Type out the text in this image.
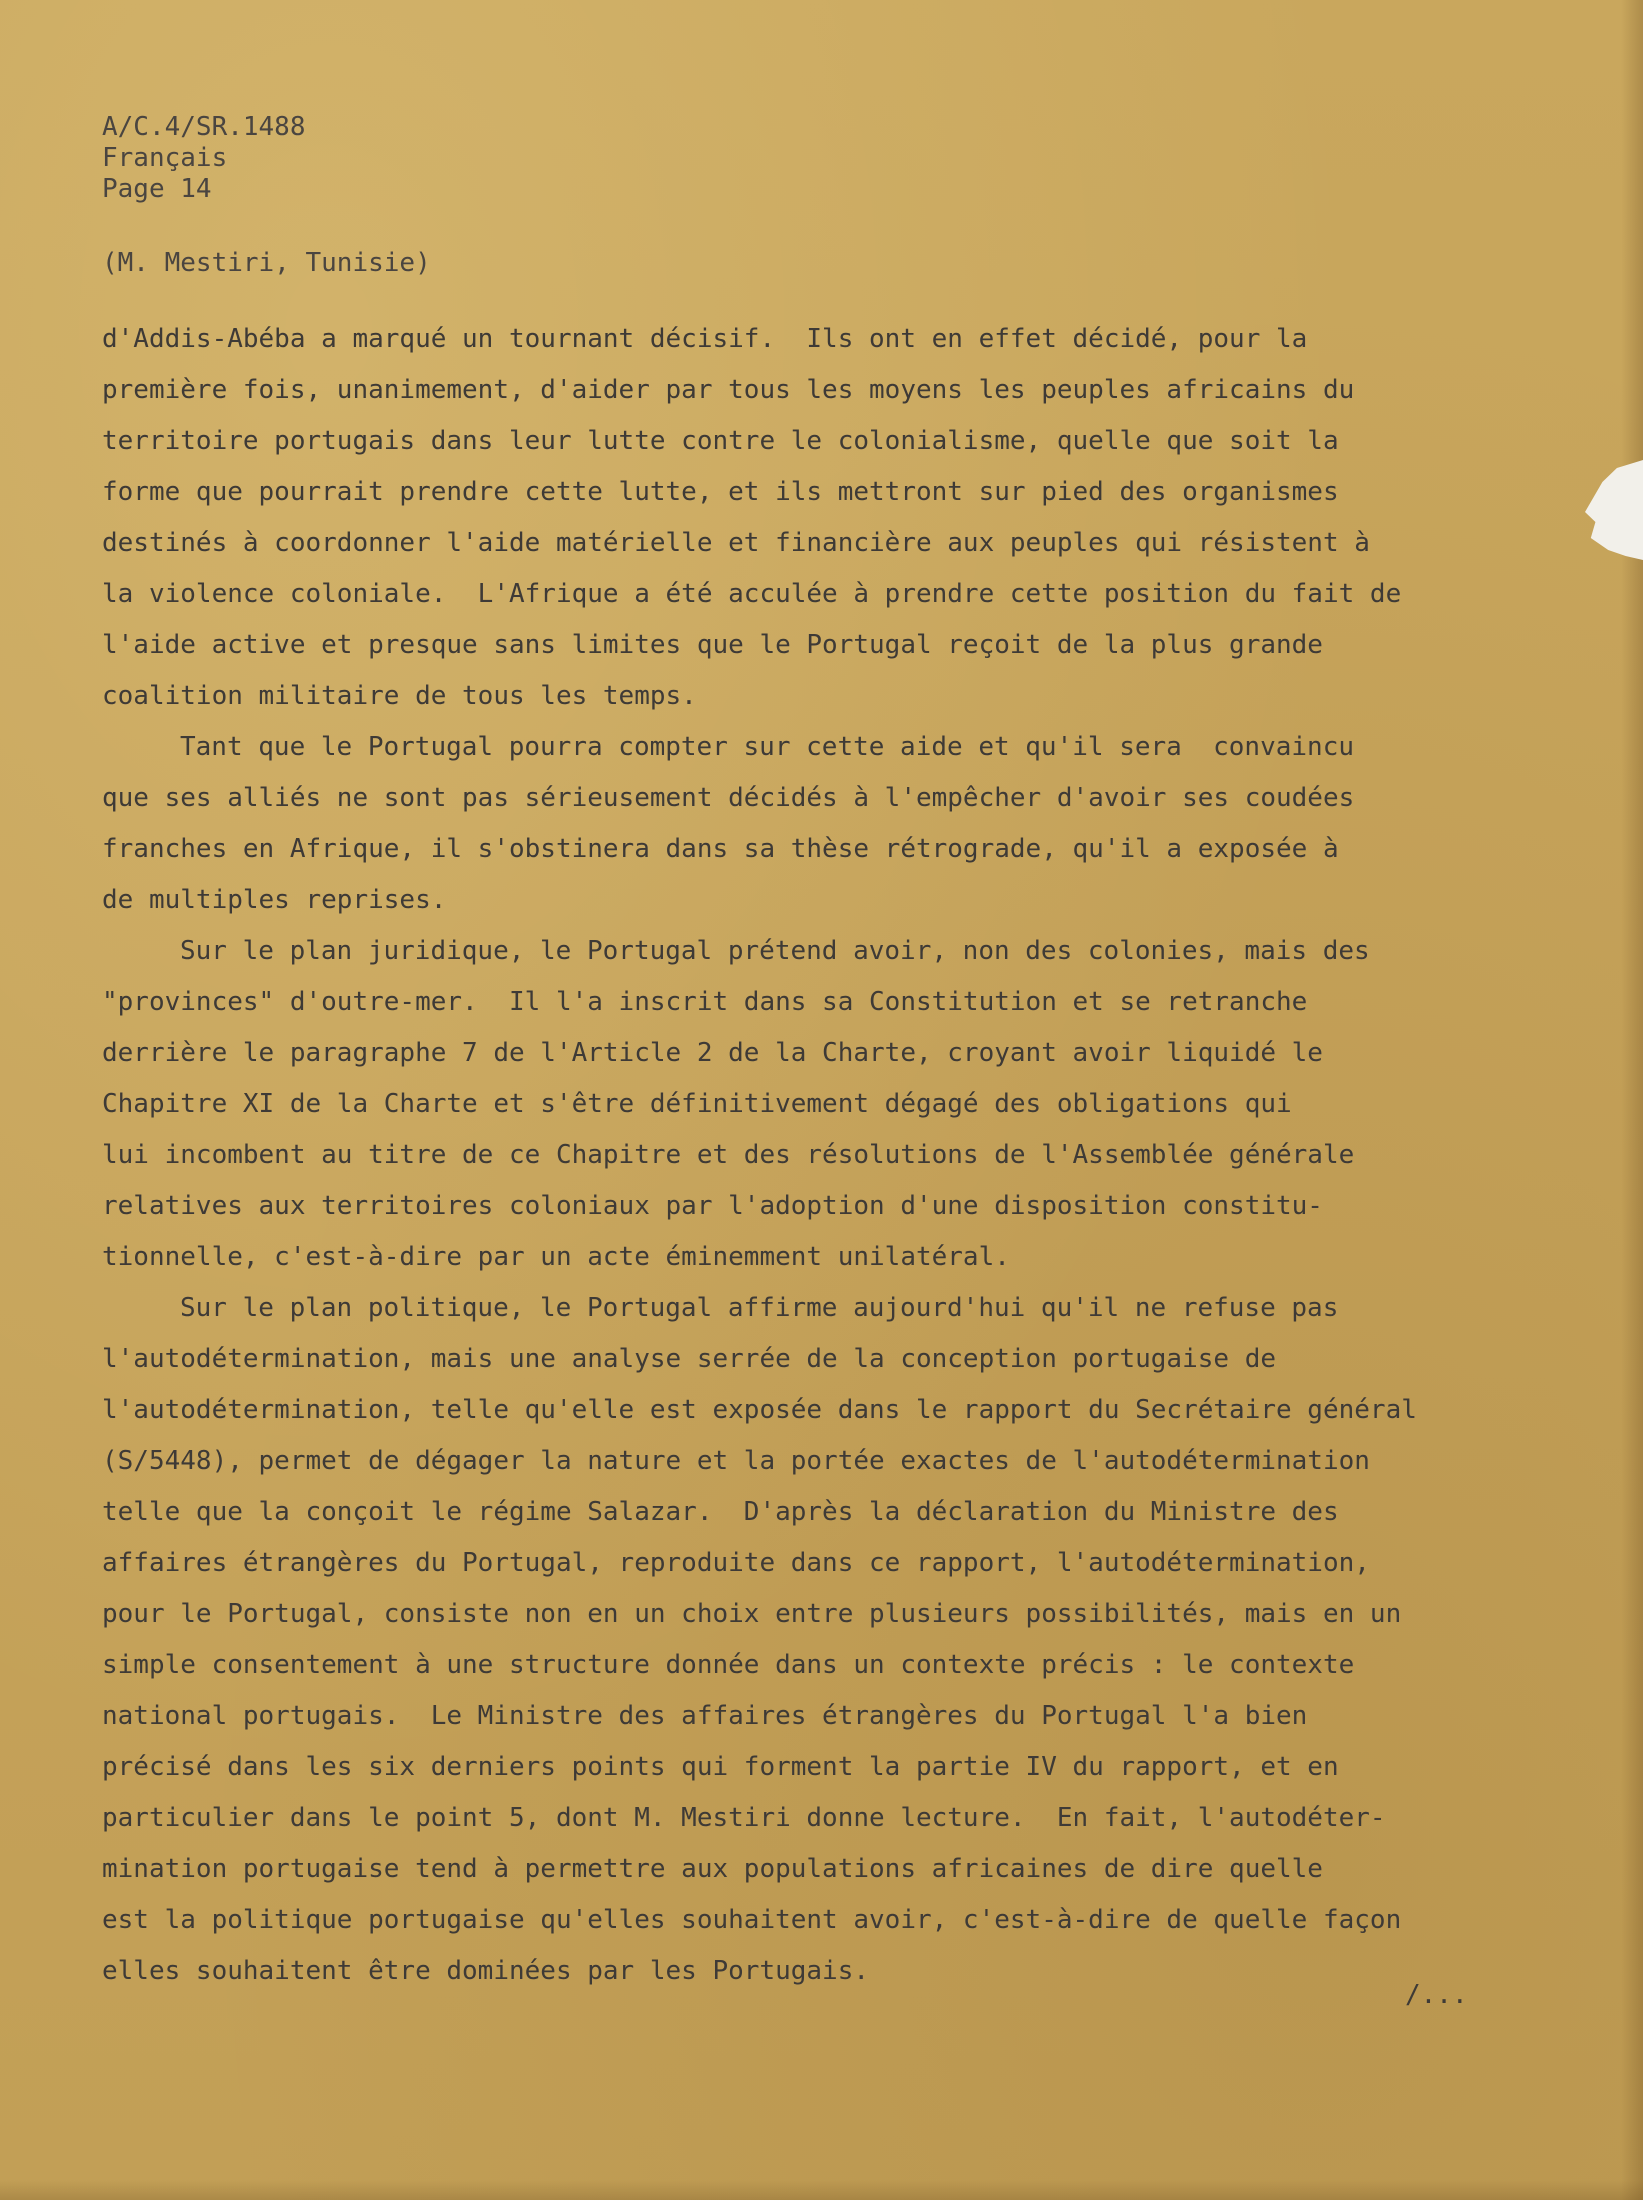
A/C.4/SR.1488
Français
Page 14
(M. Mestiri, Tunisie)
d'Addis-Abéba a marqué un tournant décisif.  Ils ont en effet décidé, pour la
première fois, unanimement, d'aider par tous les moyens les peuples africains du
territoire portugais dans leur lutte contre le colonialisme, quelle que soit la
forme que pourrait prendre cette lutte, et ils mettront sur pied des organismes
destinés à coordonner l'aide matérielle et financière aux peuples qui résistent à
la violence coloniale.  L'Afrique a été acculée à prendre cette position du fait de
l'aide active et presque sans limites que le Portugal reçoit de la plus grande
coalition militaire de tous les temps.
Tant que le Portugal pourra compter sur cette aide et qu'il sera  convaincu
que ses alliés ne sont pas sérieusement décidés à l'empêcher d'avoir ses coudées
franches en Afrique, il s'obstinera dans sa thèse rétrograde, qu'il a exposée à
de multiples reprises.
Sur le plan juridique, le Portugal prétend avoir, non des colonies, mais des
"provinces" d'outre-mer.  Il l'a inscrit dans sa Constitution et se retranche
derrière le paragraphe 7 de l'Article 2 de la Charte, croyant avoir liquidé le
Chapitre XI de la Charte et s'être définitivement dégagé des obligations qui
lui incombent au titre de ce Chapitre et des résolutions de l'Assemblée générale
relatives aux territoires coloniaux par l'adoption d'une disposition constitu-
tionnelle, c'est-à-dire par un acte éminemment unilatéral.
Sur le plan politique, le Portugal affirme aujourd'hui qu'il ne refuse pas
l'autodétermination, mais une analyse serrée de la conception portugaise de
l'autodétermination, telle qu'elle est exposée dans le rapport du Secrétaire général
(S/5448), permet de dégager la nature et la portée exactes de l'autodétermination
telle que la conçoit le régime Salazar.  D'après la déclaration du Ministre des
affaires étrangères du Portugal, reproduite dans ce rapport, l'autodétermination,
pour le Portugal, consiste non en un choix entre plusieurs possibilités, mais en un
simple consentement à une structure donnée dans un contexte précis : le contexte
national portugais.  Le Ministre des affaires étrangères du Portugal l'a bien
précisé dans les six derniers points qui forment la partie IV du rapport, et en
particulier dans le point 5, dont M. Mestiri donne lecture.  En fait, l'autodéter-
mination portugaise tend à permettre aux populations africaines de dire quelle
est la politique portugaise qu'elles souhaitent avoir, c'est-à-dire de quelle façon
elles souhaitent être dominées par les Portugais.
/...
